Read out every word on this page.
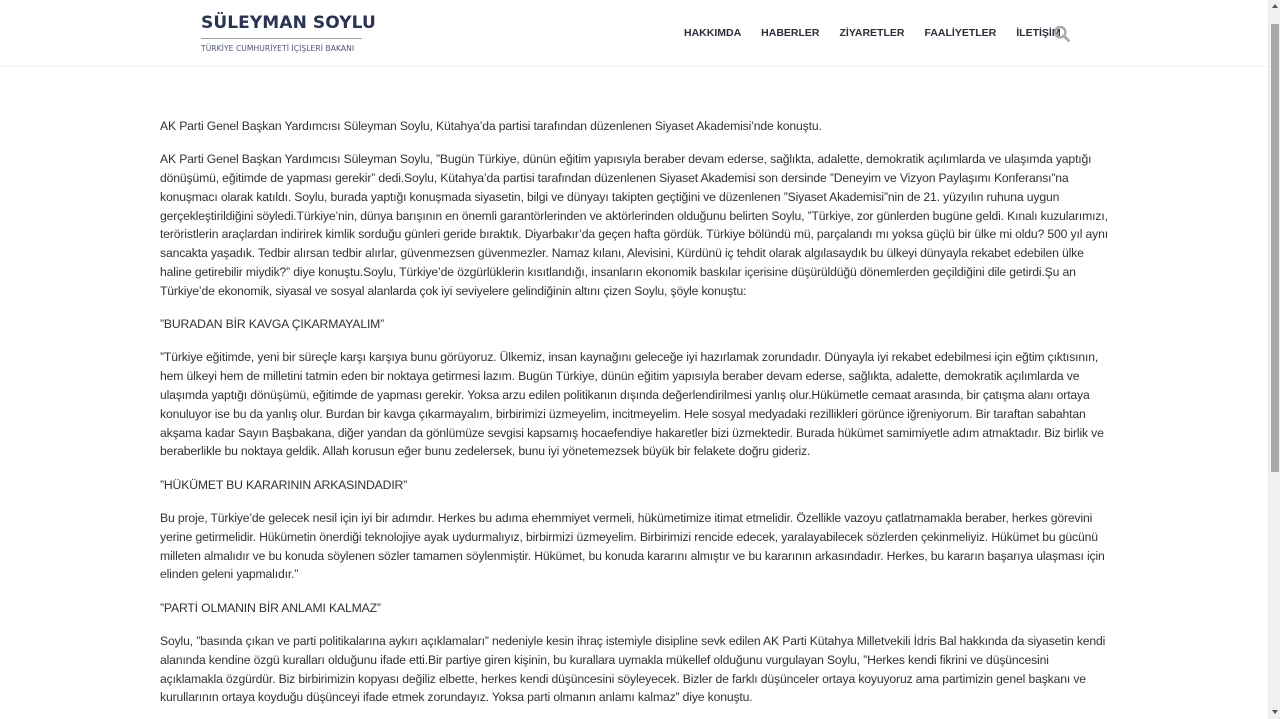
SÜLEYMAN SOYLU
TÜRKİYE CUMHURİYETİ İÇİŞLERİ BAKANI
HAKKIMDA HABERLER ZİYARETLER FAALİYETLER İLETİŞİM

AK Parti Genel Başkan Yardımcısı Süleyman Soylu, Kütahya’da partisi tarafından düzenlenen Siyaset Akademisi’nde konuştu.

AK Parti Genel Başkan Yardımcısı Süleyman Soylu, ”Bugün Türkiye, dünün eğitim yapısıyla beraber devam ederse, sağlıkta, adalette, demokratik açılımlarda ve ulaşımda yaptığı dönüşümü, eğitimde de yapması gerekir” dedi.Soylu, Kütahya’da partisi tarafından düzenlenen Siyaset Akademisi son dersinde ”Deneyim ve Vizyon Paylaşımı Konferansı”na konuşmacı olarak katıldı. Soylu, burada yaptığı konuşmada siyasetin, bilgi ve dünyayı takipten geçtiğini ve düzenlenen ”Siyaset Akademisi”nin de 21. yüzyılın ruhuna uygun gerçekleştirildiğini söyledi.Türkiye’nin, dünya barışının en önemli garantörlerinden ve aktörlerinden olduğunu belirten Soylu, ”Türkiye, zor günlerden bugüne geldi. Kınalı kuzularımızı, teröristlerin araçlardan indirirek kimlik sorduğu günleri geride bıraktık. Diyarbakır’da geçen hafta gördük. Türkiye bölündü mü, parçalandı mı yoksa güçlü bir ülke mi oldu? 500 yıl aynı sancakta yaşadık. Tedbir alırsan tedbir alırlar, güvenmezsen güvenmezler. Namaz kılanı, Alevisini, Kürdünü iç tehdit olarak algılasaydık bu ülkeyi dünyayla rekabet edebilen ülke haline getirebilir miydik?” diye konuştu.Soylu, Türkiye’de özgürlüklerin kısıtlandığı, insanların ekonomik baskılar içerisine düşürüldüğü dönemlerden geçildiğini dile getirdi.Şu an Türkiye’de ekonomik, siyasal ve sosyal alanlarda çok iyi seviyelere gelindiğinin altını çizen Soylu, şöyle konuştu:

”BURADAN BİR KAVGA ÇIKARMAYALIM”

”Türkiye eğitimde, yeni bir süreçle karşı karşıya bunu görüyoruz. Ülkemiz, insan kaynağını geleceğe iyi hazırlamak zorundadır. Dünyayla iyi rekabet edebilmesi için eğtim çıktısının, hem ülkeyi hem de milletini tatmin eden bir noktaya getirmesi lazım. Bugün Türkiye, dünün eğitim yapısıyla beraber devam ederse, sağlıkta, adalette, demokratik açılımlarda ve ulaşımda yaptığı dönüşümü, eğitimde de yapması gerekir. Yoksa arzu edilen politikanın dışında değerlendirilmesi yanlış olur.Hükümetle cemaat arasında, bir çatışma alanı ortaya konuluyor ise bu da yanlış olur. Burdan bir kavga çıkarmayalım, birbirimizi üzmeyelim, incitmeyelim. Hele sosyal medyadaki rezillikleri görünce iğreniyorum. Bir taraftan sabahtan akşama kadar Sayın Başbakana, diğer yandan da gönlümüze sevgisi kapsamış hocaefendiye hakaretler bizi üzmektedir. Burada hükümet samimiyetle adım atmaktadır. Biz birlik ve beraberlikle bu noktaya geldik. Allah korusun eğer bunu zedelersek, bunu iyi yönetemezsek büyük bir felakete doğru gideriz.

”HÜKÜMET BU KARARININ ARKASINDADIR”

Bu proje, Türkiye’de gelecek nesil için iyi bir adımdır. Herkes bu adıma ehemmiyet vermeli, hükümetimize itimat etmelidir. Özellikle vazoyu çatlatmamakla beraber, herkes görevini yerine getirmelidir. Hükümetin önerdiği teknolojiye ayak uydurmalıyız, birbirmizi üzmeyelim. Birbirimizi rencide edecek, yaralayabilecek sözlerden çekinmeliyiz. Hükümet bu gücünü milleten almalıdır ve bu konuda söylenen sözler tamamen söylenmiştir. Hükümet, bu konuda kararını almıştır ve bu kararının arkasındadır. Herkes, bu kararın başarıya ulaşması için elinden geleni yapmalıdır.”

”PARTİ OLMANIN BİR ANLAMI KALMAZ”

Soylu, ”basında çıkan ve parti politikalarına aykırı açıklamaları” nedeniyle kesin ihraç istemiyle disipline sevk edilen AK Parti Kütahya Milletvekili İdris Bal hakkında da siyasetin kendi alanında kendine özgü kuralları olduğunu ifade etti.Bir partiye giren kişinin, bu kurallara uymakla mükellef olduğunu vurgulayan Soylu, ”Herkes kendi fikrini ve düşüncesini açıklamakla özgürdür. Biz birbirimizin kopyası değiliz elbette, herkes kendi düşüncesini söyleyecek. Bizler de farklı düşünceler ortaya koyuyoruz ama partimizin genel başkanı ve kurullarının ortaya koyduğu düşünceyi ifade etmek zorundayız. Yoksa parti olmanın anlamı kalmaz” diye konuştu.
